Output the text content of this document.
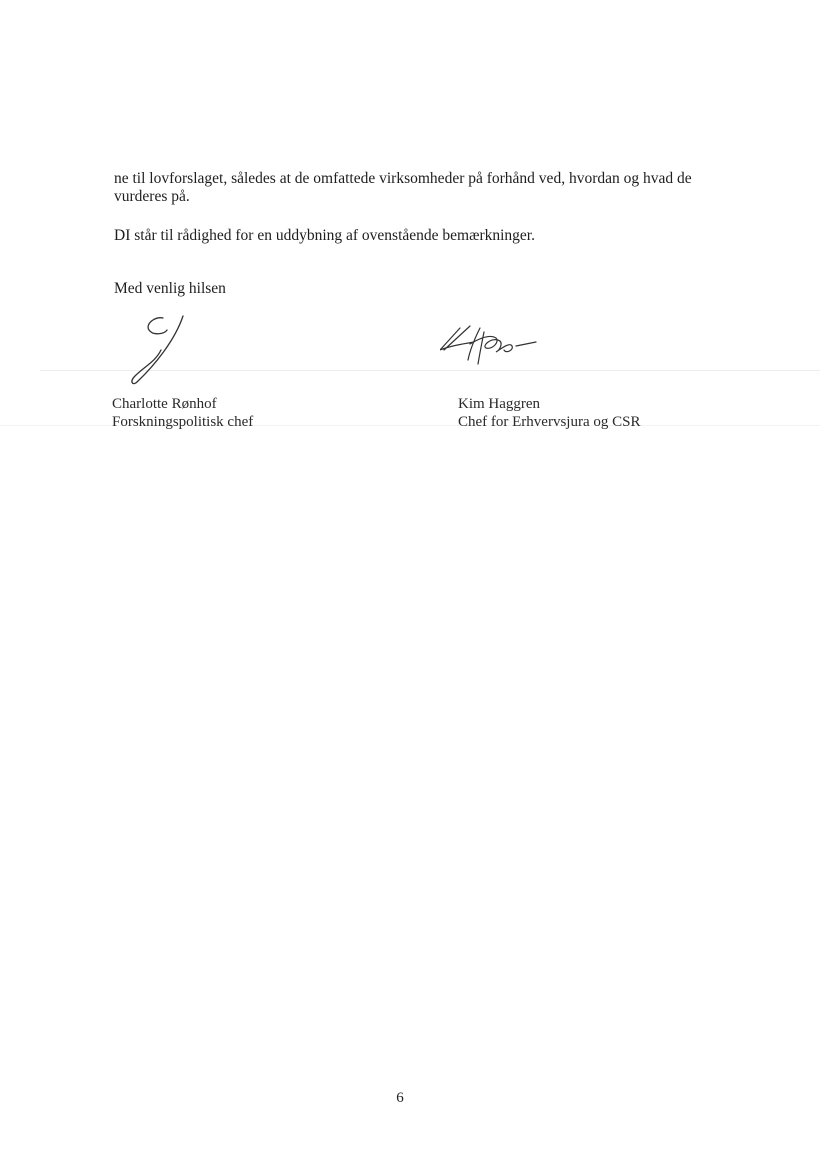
ne til lovforslaget, således at de omfattede virksomheder på forhånd ved, hvordan og hvad de vurderes på.

DI står til rådighed for en uddybning af ovenstående bemærkninger.

Med venlig hilsen

Charlotte Rønhof
Forskningspolitisk chef
Kim Haggren
Chef for Erhvervsjura og CSR
6
